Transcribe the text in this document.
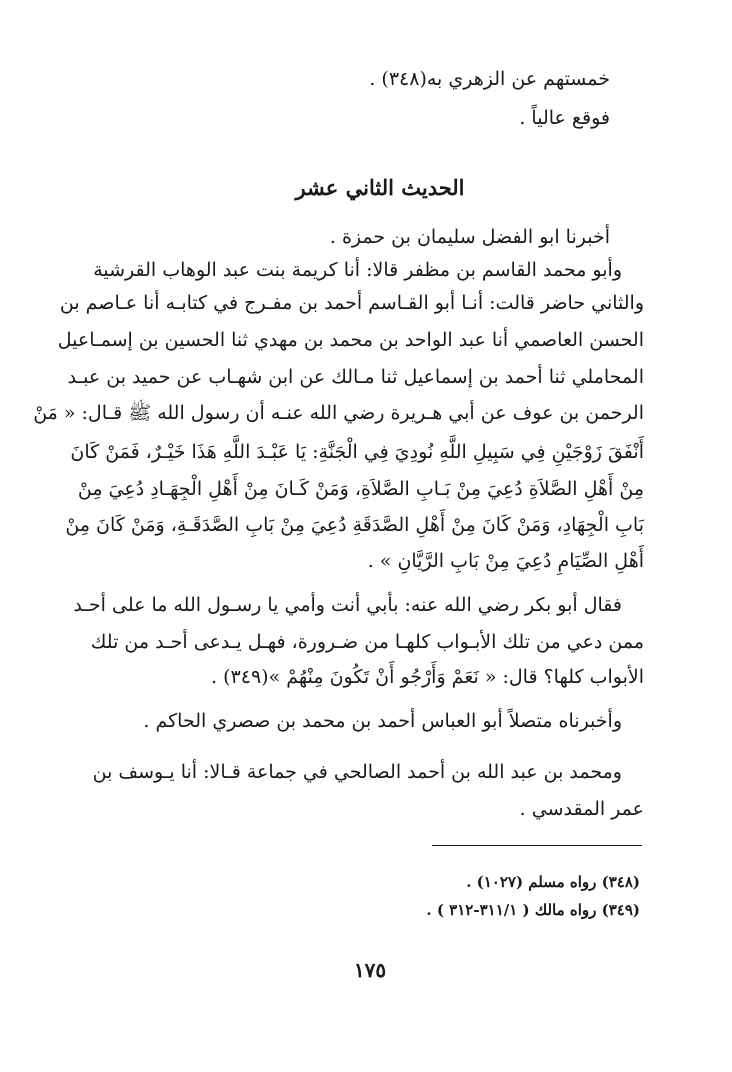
خمستهم عن الزهري به(٣٤٨) .
فوقع عالياً .
الحديث الثاني عشر
أخبرنا ابو الفضل سليمان بن حمزة .
وأبو محمد القاسم بن مظفر قالا: أنا كريمة بنت عبد الوهاب القرشية
والثاني حاضر قالت: أنـا أبو القـاسم أحمد بن مفـرج في كتابـه أنا عـاصم بن
الحسن العاصمي أنا عبد الواحد بن محمد بن مهدي ثنا الحسين بن إسمـاعيل
المحاملي ثنا أحمد بن إسماعيل ثنا مـالك عن ابن شهـاب عن حميد بن عبـد
الرحمن بن عوف عن أبي هـريرة رضي الله عنـه أن رسول الله ﷺ قـال: « مَنْ
أَنْفَقَ زَوْجَيْنِ فِي سَبِيلِ اللَّهِ نُودِيَ فِي الْجَنَّةِ: يَا عَبْـدَ اللَّهِ هَذَا خَيْـرٌ، فَمَنْ كَانَ
مِنْ أَهْلِ الصَّلاَةِ دُعِيَ مِنْ بَـابِ الصَّلاَةِ، وَمَنْ كَـانَ مِنْ أَهْلِ الْجِهَـادِ دُعِيَ مِنْ
بَابِ الْجِهَادِ، وَمَنْ كَانَ مِنْ أَهْلِ الصَّدَقَةِ دُعِيَ مِنْ بَابِ الصَّدَقَـةِ، وَمَنْ كَانَ مِنْ
أَهْلِ الصِّيَامِ دُعِيَ مِنْ بَابِ الرَّيَّانِ » .
فقال أبو بكر رضي الله عنه: بأبي أنت وأمي يا رسـول الله ما على أحـد
ممن دعي من تلك الأبـواب كلهـا من ضـرورة، فهـل يـدعى أحـد من تلك
الأبواب كلها؟ قال: « نَعَمْ وَأَرْجُو أَنْ تَكُونَ مِنْهُمْ »(٣٤٩) .
وأخبرناه متصلاً أبو العباس أحمد بن محمد بن صصري الحاكم .
ومحمد بن عبد الله بن أحمد الصالحي في جماعة قـالا: أنا يـوسف بن
عمر المقدسي .
(٣٤٨) رواه مسلم (١٠٢٧) .
(٣٤٩) رواه مالك ( ٣١١/١-٣١٢ ) .
١٧٥
